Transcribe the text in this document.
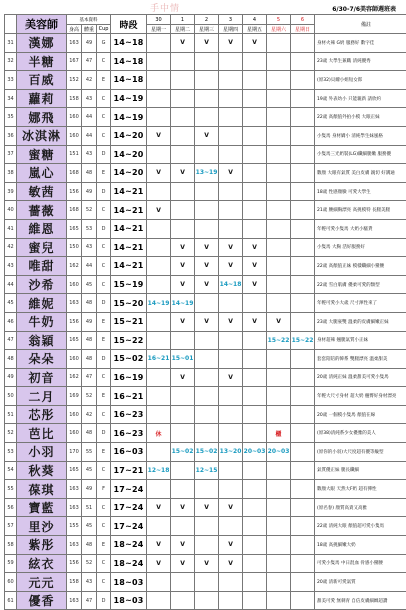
手中情	6/30-7/6美容師週班表
	美容師	基本資料			時段	30	1	2	3	4	5	6	備註
		身高	體重	Cup		星期一	星期二	星期三	星期四	星期五	星期六	星期日	
31	漢娜	163	49	G	14~18		V	V	V	V			身材火辣 G奶 服務好 數字佳
32	半糖	167	47	C	14~18								23歲 大學生兼職 清純優秀
33	百威	152	42	E	14~18								(原32)貝爾小姐短女郎
34	蘿莉	158	43	C	14~19								19歲 外表幼小 只能親新 請欣約
35	娜飛	160	44	C	14~19								22歲 高顏值外拍小模 大眼正妹
36	冰淇淋	160	44	C	14~20	V		V					小隻馬 身材嬌小 清純學生妹風格
37	蜜糖	151	43	D	14~20								小隻馬三光奶裝(LG)纖細腿嫩 服務優
38	嵐心	168	48	E	14~20	V	V	13~19	V				數顏 大眼有氣質 美白皮膚 親切 好溝通
39	敏茜	156	49	D	14~21								18歲 性感顏臉 可愛大學生
40	薔薇	168	52	C	14~21	V							21歲 腰細胸漂亮 高挑模特 長腿美腿
41	維恩	165	53	D	14~21								年輕可愛小隻馬 大奶小騷貨
42	蜜兒	150	43	C	14~21		V	V	V	V			小隻馬 大胸 活好服務好
43	唯甜	162	44	C	14~21		V	V	V	V			22歲 高顏值正妹 模樣纖細小蠻腰
44	沙希	160	45	C	15~19		V	V	14~18	V			22歲 雪白肌膚 優柔可愛的類型
45	維妮	163	48	D	15~20	14~19	14~19						年輕可愛小大歲 尺寸渾性來了
46	牛奶	156	49	E	15~21		V	V	V	V	V		23歲 大腿豪雙 溫柔的皮膚細嫩正妹
47	翁穎	165	48	E	15~22						15~22	15~22	身材超辣 翹腿氣質小正妹
48	朵朵	160	48	D	15~02	16~21	15~01						套套陪陪的韓系 雙腿漂亮 溫柔甜美
49	初音	162	47	C	16~19		V		V				20歲 清純正妹 溫柔甜美可愛小隻馬
50	二月	169	52	E	16~21								年輕大尺寸身材 超大奶 翹臀好身材漂亮
51	芯彤	160	42	C	16~23								20歲 一個模小隻馬 顏值在線
52	芭比	160	48	D	16~23	休					櫃		(原38)清純系少女優雅的美人
53	小羽	170	55	E	16~03		15~02	15~02	13~20	20~03	20~03		(原你的小羽)大尺度超有優等級型
54	秋葵	165	45	C	17~21	12~18		12~15					氣質優正妹 腿長纖細
55	葆琪	163	49	F	17~24								數顏大眼 天然大F奶 超有彈性
56	寶藍	163	51	C	17~24	V	V	V	V				(原名春) 顏質高貴又高雅
57	里沙	155	45	C	17~24								22歲 清純大眼 顏值超可愛小隻馬
58	紫彤	163	48	E	18~24	V	V		V				18歲 高挑細嫩大奶
59	絃衣	156	52	C	18~24	V	V	V	V				可愛小隻馬 中日混血 骨感小蠻腰
60	元元	158	43	C	18~03								20歲 清新可愛氣質
61	優香	163	47	D	18~03								甜美可愛 無刺青 自信皮膚細緻超讚
